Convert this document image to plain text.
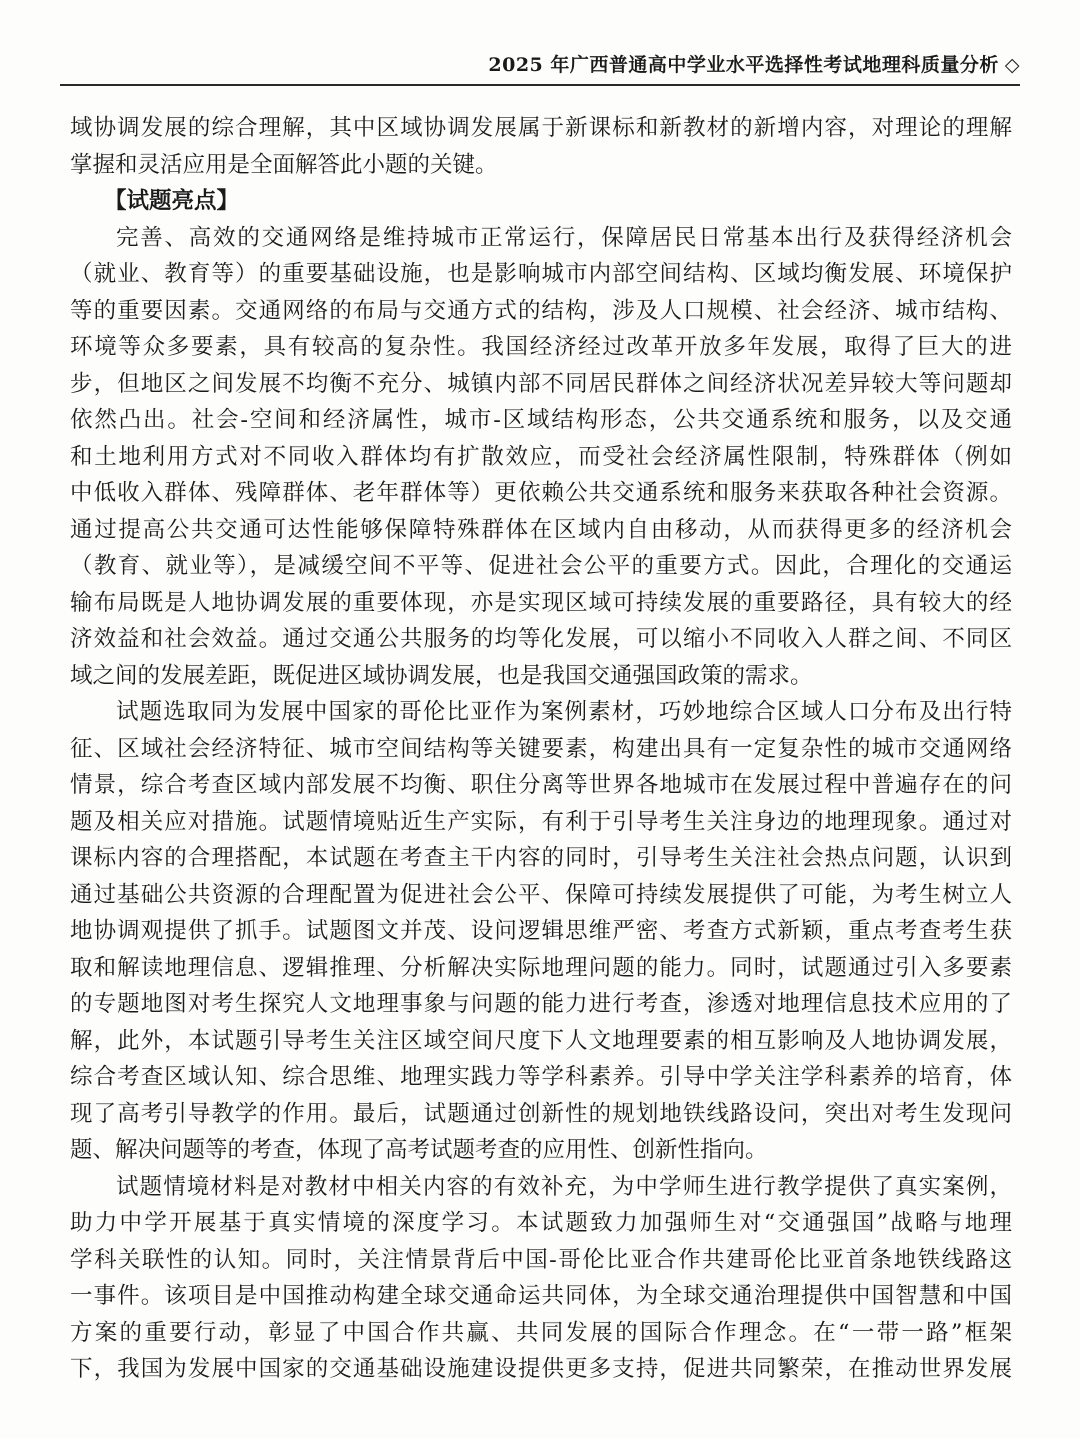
2025 年广西普通高中学业水平选择性考试地理科质量分析 ◇
域协调发展的综合理解，其中区域协调发展属于新课标和新教材的新增内容，对理论的理解
掌握和灵活应用是全面解答此小题的关键。
【试题亮点】
完善、高效的交通网络是维持城市正常运行，保障居民日常基本出行及获得经济机会
（就业、教育等）的重要基础设施，也是影响城市内部空间结构、区域均衡发展、环境保护
等的重要因素。交通网络的布局与交通方式的结构，涉及人口规模、社会经济、城市结构、
环境等众多要素，具有较高的复杂性。我国经济经过改革开放多年发展，取得了巨大的进
步，但地区之间发展不均衡不充分、城镇内部不同居民群体之间经济状况差异较大等问题却
依然凸出。社会-空间和经济属性，城市-区域结构形态，公共交通系统和服务，以及交通
和土地利用方式对不同收入群体均有扩散效应，而受社会经济属性限制，特殊群体（例如
中低收入群体、残障群体、老年群体等）更依赖公共交通系统和服务来获取各种社会资源。
通过提高公共交通可达性能够保障特殊群体在区域内自由移动，从而获得更多的经济机会
（教育、就业等），是减缓空间不平等、促进社会公平的重要方式。因此，合理化的交通运
输布局既是人地协调发展的重要体现，亦是实现区域可持续发展的重要路径，具有较大的经
济效益和社会效益。通过交通公共服务的均等化发展，可以缩小不同收入人群之间、不同区
域之间的发展差距，既促进区域协调发展，也是我国交通强国政策的需求。
试题选取同为发展中国家的哥伦比亚作为案例素材，巧妙地综合区域人口分布及出行特
征、区域社会经济特征、城市空间结构等关键要素，构建出具有一定复杂性的城市交通网络
情景，综合考查区域内部发展不均衡、职住分离等世界各地城市在发展过程中普遍存在的问
题及相关应对措施。试题情境贴近生产实际，有利于引导考生关注身边的地理现象。通过对
课标内容的合理搭配，本试题在考查主干内容的同时，引导考生关注社会热点问题，认识到
通过基础公共资源的合理配置为促进社会公平、保障可持续发展提供了可能，为考生树立人
地协调观提供了抓手。试题图文并茂、设问逻辑思维严密、考查方式新颖，重点考查考生获
取和解读地理信息、逻辑推理、分析解决实际地理问题的能力。同时，试题通过引入多要素
的专题地图对考生探究人文地理事象与问题的能力进行考查，渗透对地理信息技术应用的了
解，此外，本试题引导考生关注区域空间尺度下人文地理要素的相互影响及人地协调发展，
综合考查区域认知、综合思维、地理实践力等学科素养。引导中学关注学科素养的培育，体
现了高考引导教学的作用。最后，试题通过创新性的规划地铁线路设问，突出对考生发现问
题、解决问题等的考查，体现了高考试题考查的应用性、创新性指向。
试题情境材料是对教材中相关内容的有效补充，为中学师生进行教学提供了真实案例，
助力中学开展基于真实情境的深度学习。本试题致力加强师生对“交通强国”战略与地理
学科关联性的认知。同时，关注情景背后中国-哥伦比亚合作共建哥伦比亚首条地铁线路这
一事件。该项目是中国推动构建全球交通命运共同体，为全球交通治理提供中国智慧和中国
方案的重要行动，彰显了中国合作共赢、共同发展的国际合作理念。在“一带一路”框架
下，我国为发展中国家的交通基础设施建设提供更多支持，促进共同繁荣，在推动世界发展
